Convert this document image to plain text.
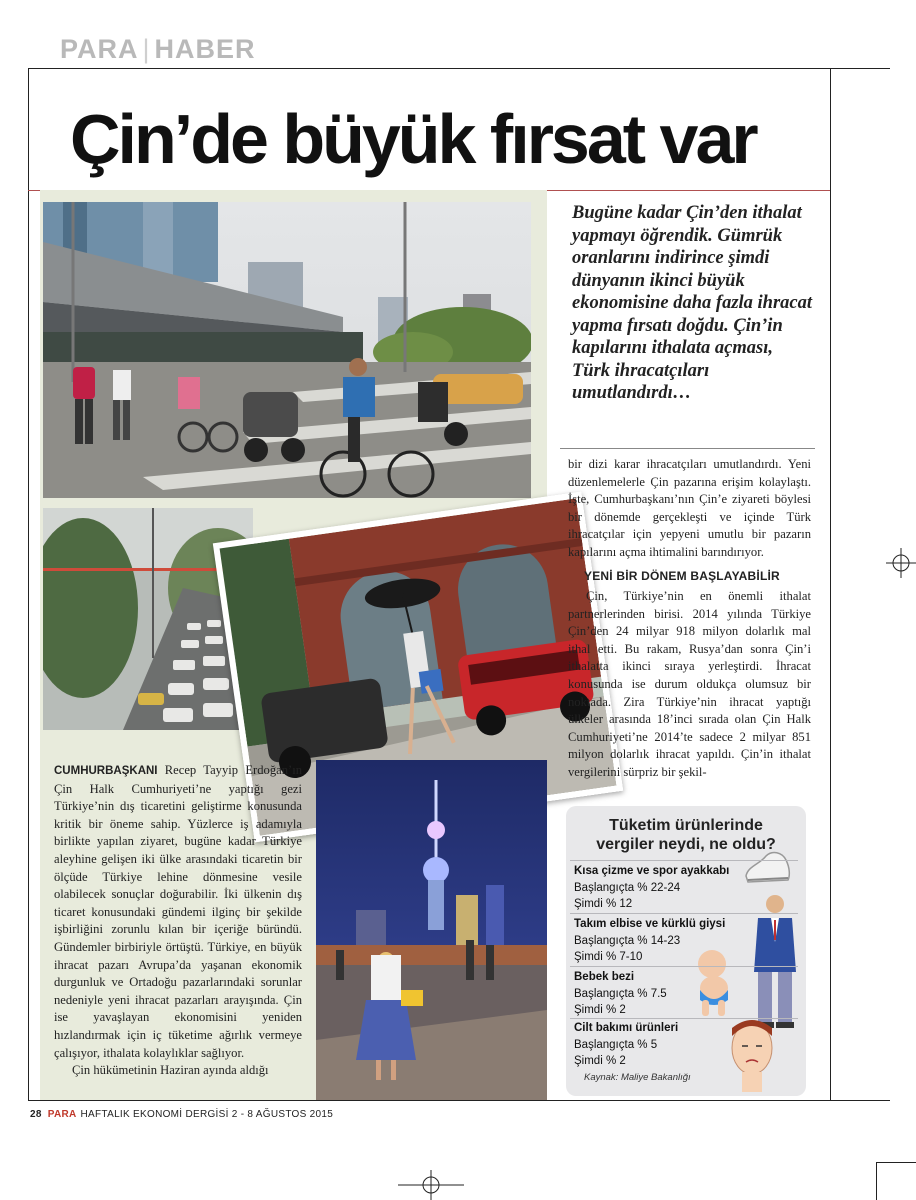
PARA | HABER
Çin’de büyük fırsat var
Bugüne kadar Çin’den ithalat yapmayı öğrendik. Gümrük oranlarını indirince şimdi dünyanın ikinci büyük ekonomisine daha fazla ihracat yapma fırsatı doğdu. Çin’in kapılarını ithalata açması, Türk ihracatçıları umutlandırdı…

bir dizi karar ihracatçıları umutlandırdı. Yeni düzenlemelerle Çin pazarına erişim kolaylaştı. İşte, Cumhurbaşkanı’nın Çin’e ziyareti böylesi bir dönemde gerçekleşti ve içinde Türk ihracatçılar için yepyeni umutlu bir pazarın kapılarını açma ihtimalini barındırıyor.

YENİ BİR DÖNEM BAŞLAYABİLİR

Çin, Türkiye’nin en önemli ithalat partnerlerinden birisi. 2014 yılında Türkiye Çin’den 24 milyar 918 milyon dolarlık mal ithal etti. Bu rakam, Rusya’dan sonra Çin’i ithalatta ikinci sıraya yerleştirdi. İhracat konusunda ise durum oldukça olumsuz bir noktada. Zira Türkiye’nin ihracat yaptığı ülkeler arasında 18’inci sırada olan Çin Halk Cumhuriyeti’ne 2014’te sadece 2 milyar 851 milyon dolarlık ihracat yapıldı. Çin’in ithalat vergilerini sürpriz bir şekil-

CUMHURBAŞKANI Recep Tayyip Erdoğan’ın Çin Halk Cumhuriyeti’ne yaptığı gezi Türkiye’nin dış ticaretini geliştirme konusunda kritik bir öneme sahip. Yüzlerce iş adamıyla birlikte yapılan ziyaret, bugüne kadar Türkiye aleyhine gelişen iki ülke arasındaki ticaretin bir ölçüde Türkiye lehine dönmesine vesile olabilecek sonuçlar doğurabilir. İki ülkenin dış ticaret konusundaki gündemi ilginç bir şekilde işbirliğini zorunlu kılan bir içeriğe büründü. Gündemler birbiriyle örtüştü. Türkiye, en büyük ihracat pazarı Avrupa’da yaşanan ekonomik durgunluk ve Ortadoğu pazarlarındaki sorunlar nedeniyle yeni ihracat pazarları arayışında. Çin ise yavaşlayan ekonomisini yeniden hızlandırmak için iç tüketime ağırlık vermeye çalışıyor, ithalata kolaylıklar sağlıyor.

Çin hükümetinin Haziran ayında aldığı

Tüketim ürünlerinde vergiler neydi, ne oldu?
Kısa çizme ve spor ayakkabı
Başlangıçta % 22-24
Şimdi % 12
Takım elbise ve kürklü giysi
Başlangıçta % 14-23
Şimdi % 7-10
Bebek bezi
Başlangıçta % 7.5
Şimdi % 2
Cilt bakımı ürünleri
Başlangıçta % 5
Şimdi % 2
Kaynak: Maliye Bakanlığı
28 PARA HAFTALIK EKONOMİ DERGİSİ 2 - 8 AĞUSTOS 2015
